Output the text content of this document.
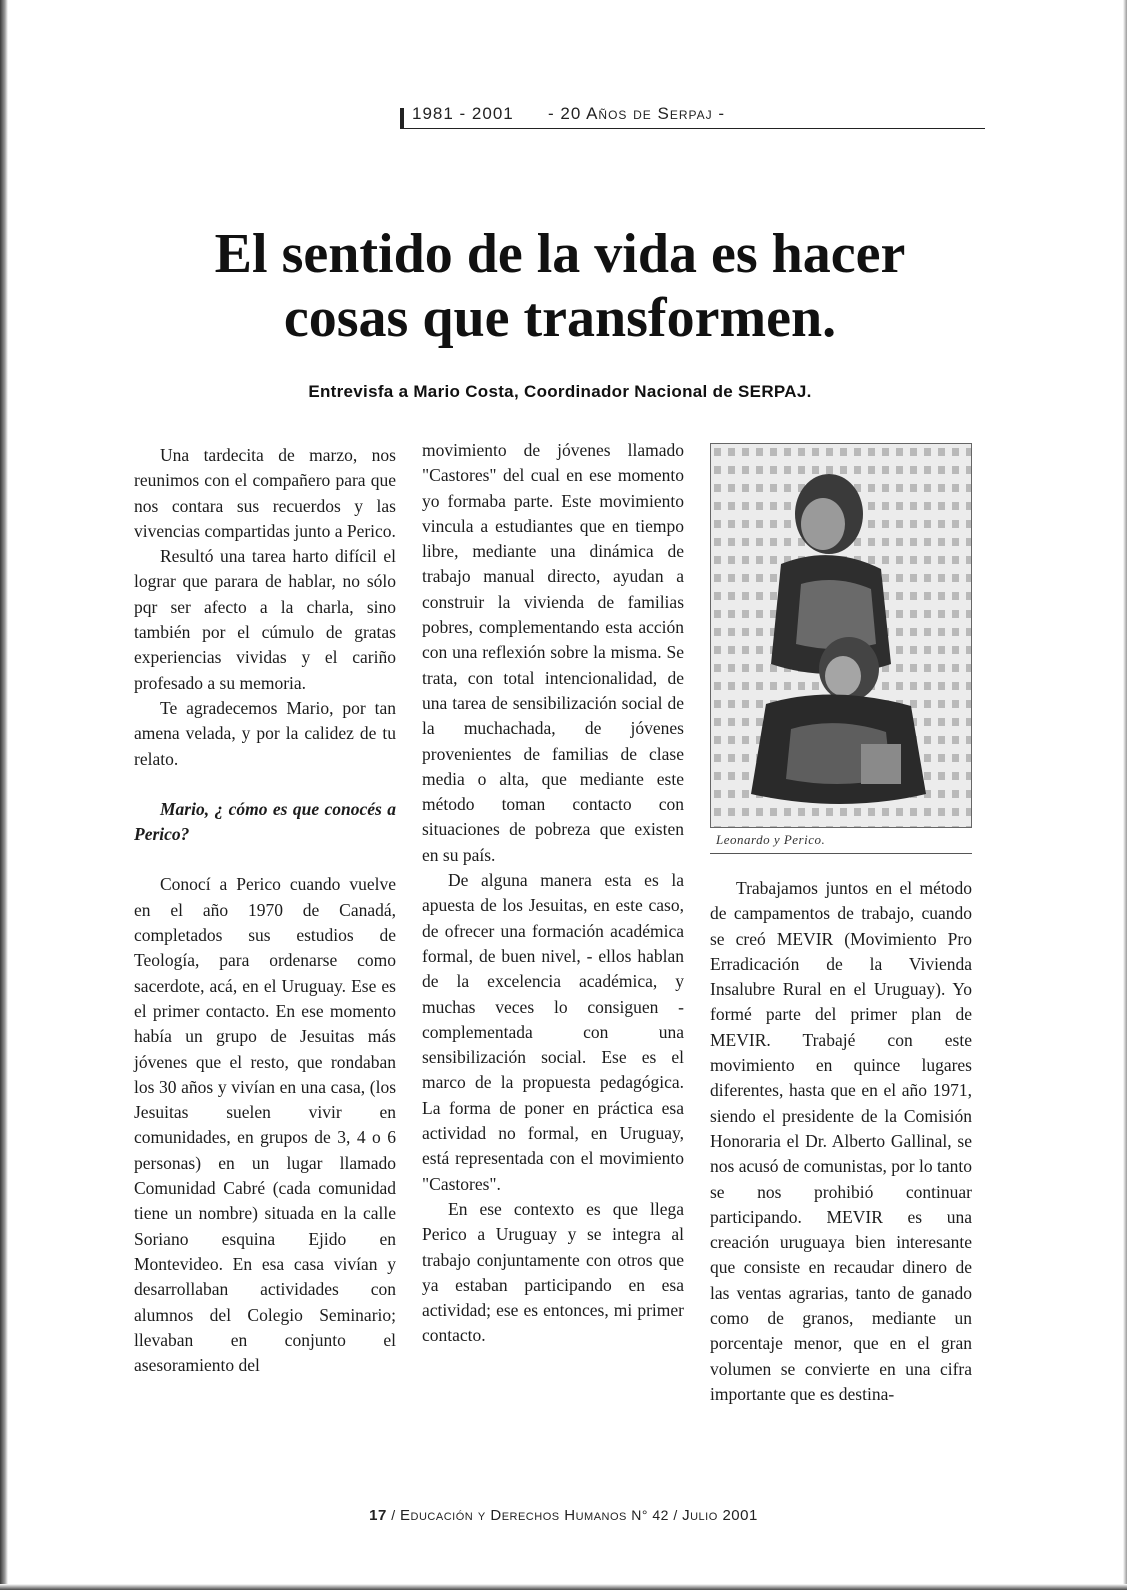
1981 - 2001 - 20 Años de Serpaj -
El sentido de la vida es hacer
cosas que transformen.
Entrevisfa a Mario Costa, Coordinador Nacional de SERPAJ.

Una tardecita de marzo, nos reunimos con el compañero para que nos contara sus recuerdos y las vivencias compartidas junto a Perico.

Resultó una tarea harto difícil el lograr que parara de hablar, no sólo pqr ser afecto a la charla, sino también por el cúmulo de gratas experiencias vividas y el cariño profesado a su memoria.

Te agradecemos Mario, por tan amena velada, y por la calidez de tu relato.

Mario, ¿ cómo es que conocés a Perico?

Conocí a Perico cuando vuelve en el año 1970 de Canadá, completados sus estudios de Teología, para ordenarse como sacerdote, acá, en el Uruguay. Ese es el primer contacto. En ese momento había un grupo de Jesuitas más jóvenes que el resto, que rondaban los 30 años y vivían en una casa, (los Jesuitas suelen vivir en comunidades, en grupos de 3, 4 o 6 personas) en un lugar llamado Comunidad Cabré (cada comunidad tiene un nombre) situada en la calle Soriano esquina Ejido en Montevideo. En esa casa vivían y desarrollaban actividades con alumnos del Colegio Seminario; llevaban en conjunto el asesoramiento del

movimiento de jóvenes llamado "Castores" del cual en ese momento yo formaba parte. Este movimiento vincula a estudiantes que en tiempo libre, mediante una dinámica de trabajo manual directo, ayudan a construir la vivienda de familias pobres, complementando esta acción con una reflexión sobre la misma. Se trata, con total intencionalidad, de una tarea de sensibilización social de la muchachada, de jóvenes provenientes de familias de clase media o alta, que mediante este método toman contacto con situaciones de pobreza que existen en su país.

De alguna manera esta es la apuesta de los Jesuitas, en este caso, de ofrecer una formación académica formal, de buen nivel, - ellos hablan de la excelencia académica, y muchas veces lo consiguen - complementada con una sensibilización social. Ese es el marco de la propuesta pedagógica. La forma de poner en práctica esa actividad no formal, en Uruguay, está representada con el movimiento "Castores".

En ese contexto es que llega Perico a Uruguay y se integra al trabajo conjuntamente con otros que ya estaban participando en esa actividad; ese es entonces, mi primer contacto.

Leonardo y Perico.

Trabajamos juntos en el método de campamentos de trabajo, cuando se creó MEVIR (Movimiento Pro Erradicación de la Vivienda Insalubre Rural en el Uruguay). Yo formé parte del primer plan de MEVIR. Trabajé con este movimiento en quince lugares diferentes, hasta que en el año 1971, siendo el presidente de la Comisión Honoraria el Dr. Alberto Gallinal, se nos acusó de comunistas, por lo tanto se nos prohibió continuar participando. MEVIR es una creación uruguaya bien interesante que consiste en recaudar dinero de las ventas agrarias, tanto de ganado como de granos, mediante un porcentaje menor, que en el gran volumen se convierte en una cifra importante que es destina-

17 / Educación y Derechos Humanos N° 42 / Julio 2001
